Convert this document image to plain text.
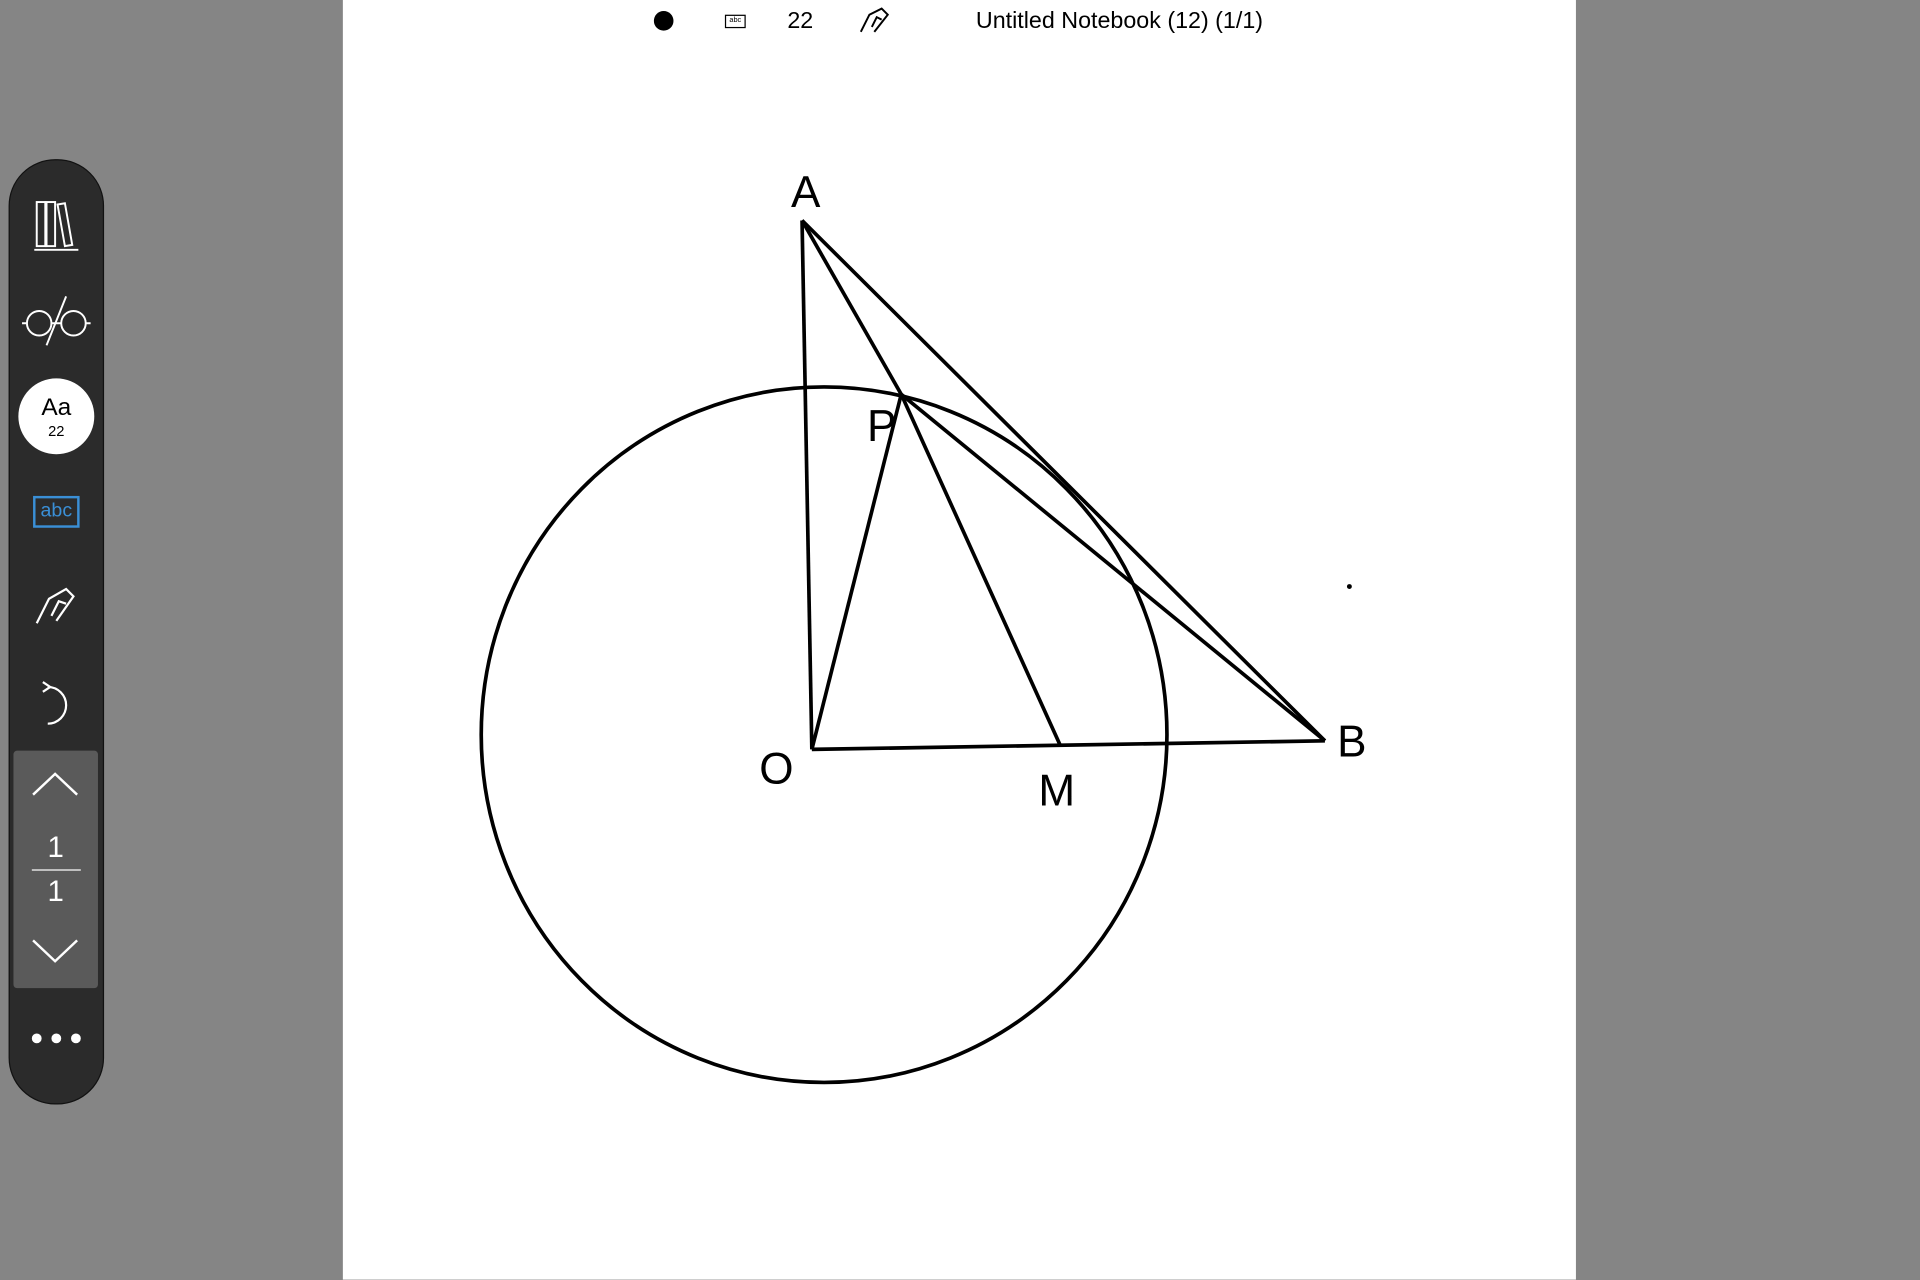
abc 22	Untitled Notebook (12) (1/1)
A
P
O	M
B
Aa
22
abc
1
1
